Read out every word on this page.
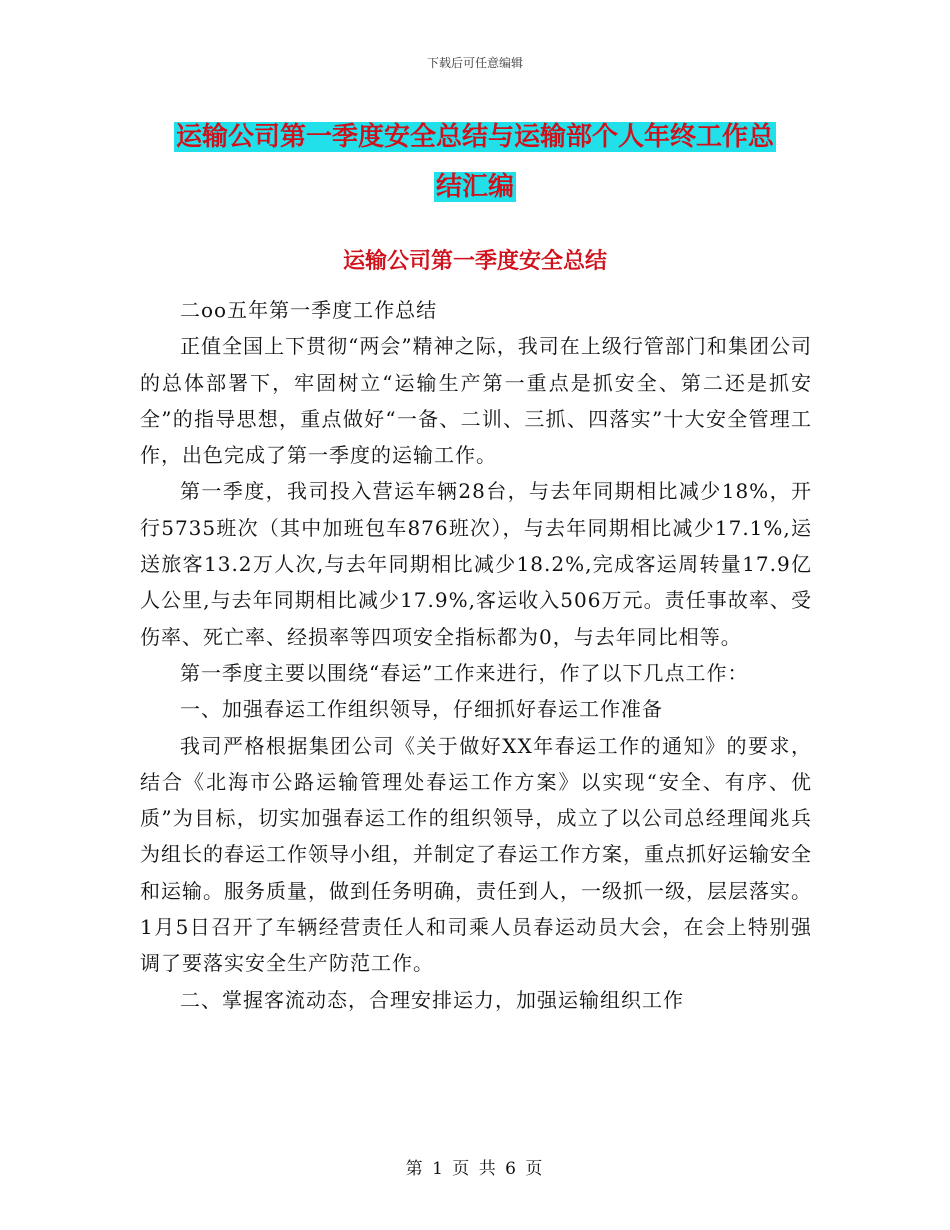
下载后可任意编辑
运输公司第一季度安全总结与运输部个人年终工作总
结汇编
运输公司第一季度安全总结

二oo五年第一季度工作总结

正值全国上下贯彻“两会”精神之际，我司在上级行管部门和集团公司的总体部署下，牢固树立“运输生产第一重点是抓安全、第二还是抓安全”的指导思想，重点做好“一备、二训、三抓、四落实”十大安全管理工作，出色完成了第一季度的运输工作。

第一季度，我司投入营运车辆28台，与去年同期相比减少18%，开行5735班次（其中加班包车876班次），与去年同期相比减少17.1%,运送旅客13.2万人次,与去年同期相比减少18.2%,完成客运周转量17.9亿人公里,与去年同期相比减少17.9%,客运收入506万元。责任事故率、受伤率、死亡率、经损率等四项安全指标都为0，与去年同比相等。

第一季度主要以围绕“春运”工作来进行，作了以下几点工作：

一、加强春运工作组织领导，仔细抓好春运工作准备

我司严格根据集团公司《关于做好XX年春运工作的通知》的要求，结合《北海市公路运输管理处春运工作方案》以实现“安全、有序、优质”为目标，切实加强春运工作的组织领导，成立了以公司总经理闻兆兵为组长的春运工作领导小组，并制定了春运工作方案，重点抓好运输安全和运输。服务质量，做到任务明确，责任到人，一级抓一级，层层落实。1月5日召开了车辆经营责任人和司乘人员春运动员大会，在会上特别强调了要落实安全生产防范工作。

二、掌握客流动态，合理安排运力，加强运输组织工作

第 1 页 共 6 页
